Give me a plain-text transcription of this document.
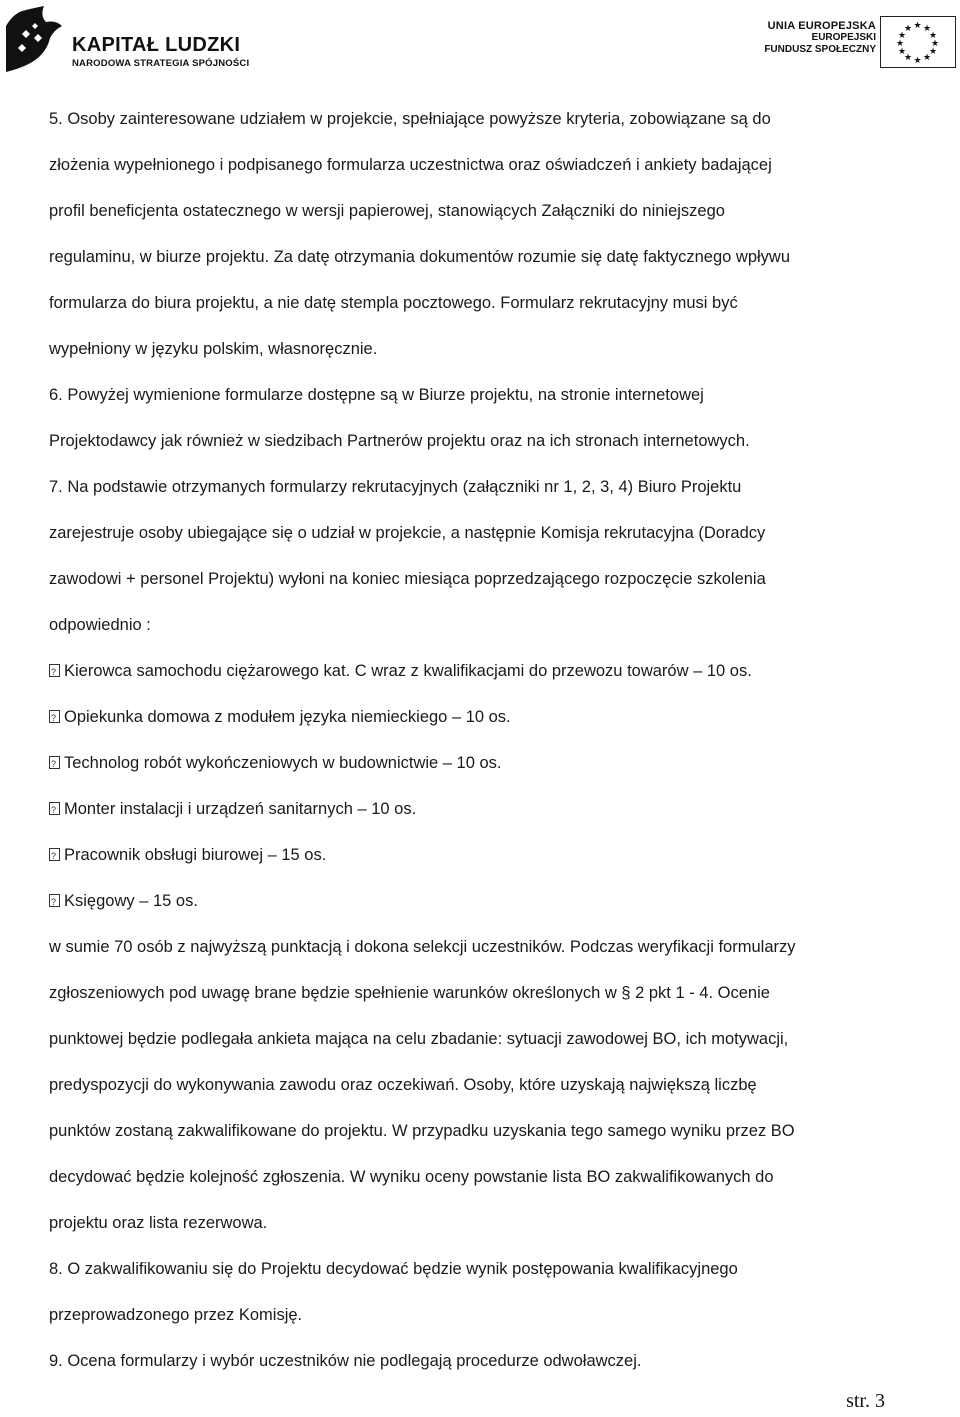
KAPITAŁ LUDZKI
NARODOWA STRATEGIA SPÓJNOŚCI
UNIA EUROPEJSKA
EUROPEJSKI
FUNDUSZ SPOŁECZNY
★ ★
★
★
★
★
★
★
★
★
★
★
5. Osoby zainteresowane udziałem w projekcie, spełniające powyższe kryteria, zobowiązane są do
złożenia wypełnionego i podpisanego formularza uczestnictwa oraz oświadczeń i ankiety badającej
profil beneficjenta ostatecznego w wersji papierowej, stanowiących Załączniki do niniejszego
regulaminu, w biurze projektu. Za datę otrzymania dokumentów rozumie się datę faktycznego wpływu
formularza do biura projektu, a nie datę stempla pocztowego. Formularz rekrutacyjny musi być
wypełniony w języku polskim, własnoręcznie.
6. Powyżej wymienione formularze dostępne są w Biurze projektu, na stronie internetowej
Projektodawcy jak również w siedzibach Partnerów projektu oraz na ich stronach internetowych.
7. Na podstawie otrzymanych formularzy rekrutacyjnych (załączniki nr 1, 2, 3, 4) Biuro Projektu
zarejestruje osoby ubiegające się o udział w projekcie, a następnie Komisja rekrutacyjna (Doradcy
zawodowi + personel Projektu) wyłoni na koniec miesiąca poprzedzającego rozpoczęcie szkolenia
odpowiednio :
?Kierowca samochodu ciężarowego kat. C wraz z kwalifikacjami do przewozu towarów – 10 os.
?Opiekunka domowa z modułem języka niemieckiego – 10 os.
?Technolog robót wykończeniowych w budownictwie – 10 os.
?Monter instalacji i urządzeń sanitarnych – 10 os.
?Pracownik obsługi biurowej – 15 os.
?Księgowy – 15 os.
w sumie 70 osób z najwyższą punktacją i dokona selekcji uczestników. Podczas weryfikacji formularzy
zgłoszeniowych pod uwagę brane będzie spełnienie warunków określonych w § 2 pkt 1 - 4. Ocenie
punktowej będzie podlegała ankieta mająca na celu zbadanie: sytuacji zawodowej BO, ich motywacji,
predyspozycji do wykonywania zawodu oraz oczekiwań. Osoby, które uzyskają największą liczbę
punktów zostaną zakwalifikowane do projektu. W przypadku uzyskania tego samego wyniku przez BO
decydować będzie kolejność zgłoszenia. W wyniku oceny powstanie lista BO zakwalifikowanych do
projektu oraz lista rezerwowa.
8. O zakwalifikowaniu się do Projektu decydować będzie wynik postępowania kwalifikacyjnego
przeprowadzonego przez Komisję.
9. Ocena formularzy i wybór uczestników nie podlegają procedurze odwoławczej.
str. 3
